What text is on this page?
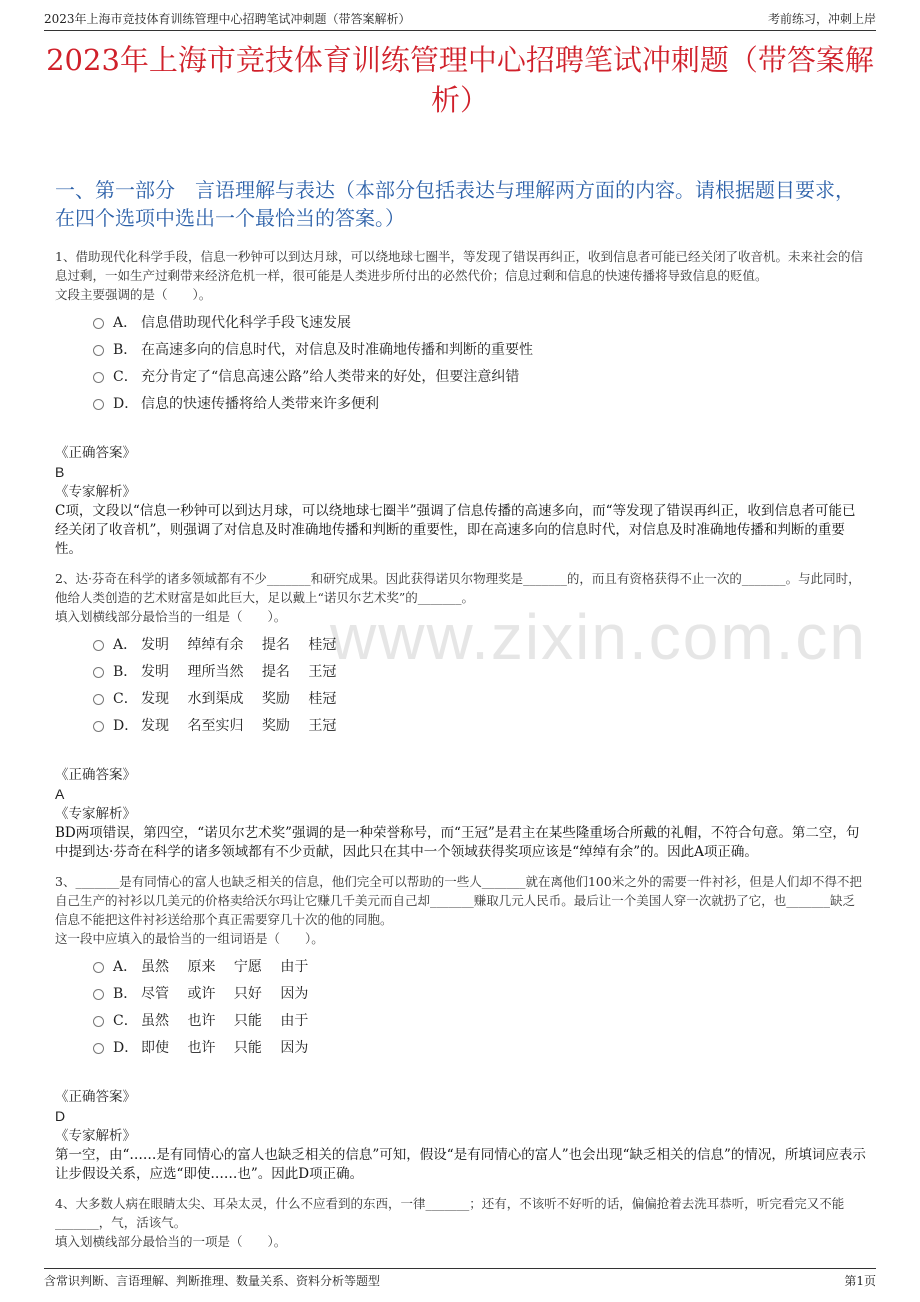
2023年上海市竞技体育训练管理中心招聘笔试冲刺题（带答案解析）	考前练习，冲刺上岸
2023年上海市竞技体育训练管理中心招聘笔试冲刺题（带答案解析）
一、第一部分　言语理解与表达（本部分包括表达与理解两方面的内容。请根据题目要求，在四个选项中选出一个最恰当的答案。）
www.zixin.com.cn
1、借助现代化科学手段，信息一秒钟可以到达月球，可以绕地球七圈半，等发现了错误再纠正，收到信息者可能已经关闭了收音机。未来社会的信息过剩，一如生产过剩带来经济危机一样，很可能是人类进步所付出的必然代价；信息过剩和信息的快速传播将导致信息的贬值。
文段主要强调的是（　　）。
A． 信息借助现代化科学手段飞速发展
B． 在高速多向的信息时代，对信息及时准确地传播和判断的重要性
C． 充分肯定了“信息高速公路”给人类带来的好处，但要注意纠错
D． 信息的快速传播将给人类带来许多便利
《正确答案》
B
《专家解析》
C项，文段以“信息一秒钟可以到达月球，可以绕地球七圈半”强调了信息传播的高速多向，而“等发现了错误再纠正，收到信息者可能已经关闭了收音机”，则强调了对信息及时准确地传播和判断的重要性，即在高速多向的信息时代，对信息及时准确地传播和判断的重要性。
2、达·芬奇在科学的诸多领域都有不少_______和研究成果。因此获得诺贝尔物理奖是_______的，而且有资格获得不止一次的_______。与此同时，他给人类创造的艺术财富是如此巨大，足以戴上“诺贝尔艺术奖”的_______。
填入划横线部分最恰当的一组是（　　）。
A． 发明　 绰绰有余　 提名　 桂冠
B． 发明　 理所当然　 提名　 王冠
C． 发现　 水到渠成　 奖励　 桂冠
D． 发现　 名至实归　 奖励　 王冠
《正确答案》
A
《专家解析》
BD两项错误，第四空，“诺贝尔艺术奖”强调的是一种荣誉称号，而“王冠”是君主在某些隆重场合所戴的礼帽，不符合句意。第二空，句中提到达·芬奇在科学的诸多领域都有不少贡献，因此只在其中一个领域获得奖项应该是“绰绰有余”的。因此A项正确。
3、_______是有同情心的富人也缺乏相关的信息，他们完全可以帮助的一些人_______就在离他们100米之外的需要一件衬衫，但是人们却不得不把自己生产的衬衫以几美元的价格卖给沃尔玛让它赚几千美元而自己却_______赚取几元人民币。最后让一个美国人穿一次就扔了它，也_______缺乏信息不能把这件衬衫送给那个真正需要穿几十次的他的同胞。
这一段中应填入的最恰当的一组词语是（　　）。
A． 虽然　 原来　 宁愿　 由于
B． 尽管　 或许　 只好　 因为
C． 虽然　 也许　 只能　 由于
D． 即使　 也许　 只能　 因为
《正确答案》
D
《专家解析》
第一空，由“……是有同情心的富人也缺乏相关的信息”可知，假设“是有同情心的富人”也会出现“缺乏相关的信息”的情况，所填词应表示让步假设关系，应选“即使……也”。因此D项正确。
4、大多数人病在眼睛太尖、耳朵太灵，什么不应看到的东西，一律_______；还有，不该听不好听的话，偏偏抢着去洗耳恭听，听完看完又不能_______，气，活该气。
填入划横线部分最恰当的一项是（　　）。
含常识判断、言语理解、判断推理、数量关系、资料分析等题型	第1页
